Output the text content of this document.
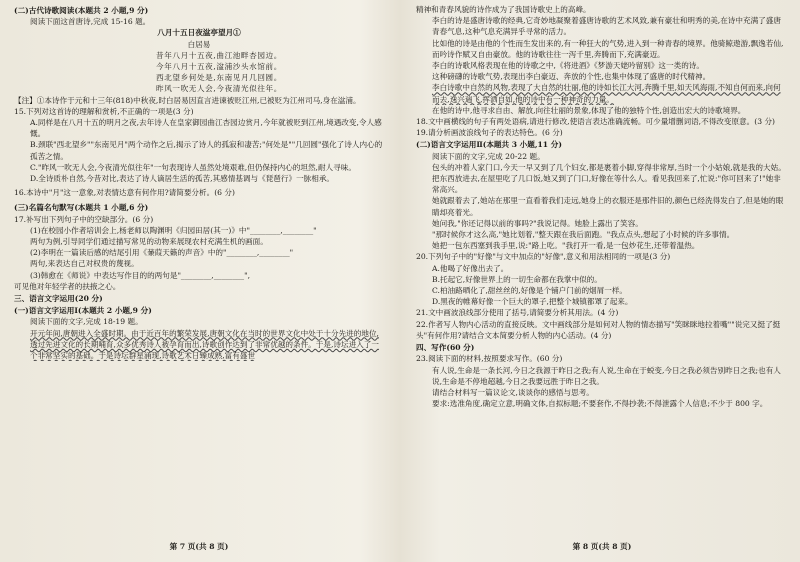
(二)古代诗歌阅读(本题共 2 小题,9 分)
阅读下面这首唐诗,完成 15-16 题。
八月十五日夜湓亭望月①
白居易
昔年八月十五夜,曲江池畔杏园边。
今年八月十五夜,湓浦沙头水馆前。
西北望乡何处是,东南见月几回圆。
昨风一吹无人会,今夜清光似往年。
【注】①本诗作于元和十三年(818)中秋夜,时白居易因直言进谏被贬江州,已被贬为江州司马,身在湓浦。
15.下列对这首诗的理解和赏析,不正确的一项是(3 分)
A.同样是在八月十五的明月之夜,去年诗人在皇家御园曲江杏园边赏月,今年就被贬到江州,境遇改变,令人感慨。
B.颈联"西北望乡""东南见月"两个动作之后,揭示了诗人的孤寂和凄苦;"何处是""几回圆"强化了诗人内心的孤苦之情。
C."昨风一吹无人会,今夜清光似往年"一句表现诗人虽然处境艰难,但仍保持内心的坦然,耐人寻味。
D.全诗质朴自然,今昔对比,表达了诗人谪居生活的孤苦,其感情基调与《琵琶行》一脉相承。
16.本诗中"月"这一意象,对表情达意有何作用?请简要分析。(6 分)
(三)名篇名句默写(本题共 1 小题,6 分)
17.补写出下列句子中的空缺部分。(6 分)
(1)在校园小作者培训会上,杨老师以陶渊明《归园田居(其一)》中"________,________"
两句为例,引导同学们通过描写常见的动物来展现农村充满生机的画面。
(2)李明在一篇读后感的结尾引用《蒹葭天籁的声音》中的"________,________"
两句,来表达自己对权贵的蔑视。
(3)韩愈在《师说》中表达写作目的的两句是"________,________",
可见他对年轻学者的扶掖之心。
三、语言文字运用(20 分)
(一)语言文字运用Ⅰ(本题共 2 小题,9 分)
阅读下面的文字,完成 18-19 题。
开元年间,唐朝进入全盛时期。由于近百年的繁荣发展,唐朝文化在当时的世界文化中处于十分先进的地位,透过先进文化的长期哺育,众多优秀诗人被孕育而出,诗歌创作达到了非常优越的条件。于是,诗坛进入了一个非常坚实的基础。于是诗坛群星涌现,诗歌艺术日臻成熟,富有盛世
第 7 页(共 8 页)
精神和青春风貌的诗作成为了我国诗歌史上的高峰。
李白的诗是盛唐诗歌的经典,它奇妙地凝聚着盛唐诗歌的艺术风致,兼有豪壮和明秀的美,在诗中充满了盛唐青春气息,这种气息充满异乎寻常的活力。
比如他的诗是由他的个性而生发出来的,有一种狂大的气势,进入到一种青春的境界。他骑鲸遨游,飘逸若仙,而吟诗作赋又自由豪放。他的诗歌往往一泻千里,奔腾而下,充满豪迈。
李白的诗歌风格表现在他的诗歌之中,《将进酒》《梦游天姥吟留别》这一类的诗。
这种磅礴的诗歌气势,表现出李白豪迈、奔放的个性,也集中体现了盛唐的时代精神。
李白诗歌中自然的风物,表现了大自然的壮丽,他的诗如长江大河,奔腾千里,如天风海雨,不知自何而来,向何而去,逸兴遄飞,挥洒自如,他的诗中有一种神奇的力量。
在他的诗中,他寻求自由、解放,向往壮丽的景象,体现了他的独特个性,创造出宏大的诗歌境界。
18.文中画横线的句子有两处语病,请进行修改,使语言表达准确流畅。可少量增删词语,不得改变原意。(3 分)
19.请分析画波浪线句子的表达特色。(6 分)
(二)语言文字运用Ⅱ(本题共 3 小题,11 分)
阅读下面的文字,完成 20-22 题。
包头的冲着人家门口,今天一早又到了几个妇女,都是裹着小脚,穿得非常厚,当时一个小姑娘,就是我的大姑。
把东西放进去,在屋里吃了几口饭,她又到了门口,好像在等什么人。看见我回来了,忙说:"你可回来了!"她非常高兴。
她就跟着去了,她站在那里一直看着我们走远,她身上的衣服还是那件旧的,颜色已经洗得发白了,但是她的眼睛却亮着光。
她问我,"你还记得以前的事吗?"我说记得。她脸上露出了笑容。
"那时候你才这么高,"她比划着,"整天跟在我后面跑。"我点点头,想起了小时候的许多事情。
她把一包东西塞到我手里,说:"路上吃。"我打开一看,是一包炒花生,还带着温热。
20.下列句子中的"好像"与文中加点的"好像",意义和用法相同的一项是(3 分)
A.他喝了好像出去了。
B.托起它,好像世界上的一切生命都在我掌中似的。
C.柏油路晒化了,甜丝丝的,好像是个铺户门前的烟屑一样。
D.黑夜的帷幕好像一个巨大的罩子,把整个城镇都罩了起来。
21.文中画波浪线部分使用了括号,请简要分析其用法。(4 分)
22.作者写人物内心活动的直接反映。文中画线部分是如何对人物的情态描写"笑眯眯地拉着嘴""说完又挺了挺头"有何作用?请结合文本简要分析人物的内心活动。(4 分)
四、写作(60 分)
23.阅读下面的材料,按照要求写作。(60 分)
有人说,生命是一条长河,今日之我源于昨日之我;有人说,生命在于蜕变,今日之我必须告别昨日之我;也有人说,生命是不停地超越,今日之我要远胜于昨日之我。
请结合材料写一篇议论文,谈谈你的感悟与思考。
要求:选准角度,确定立意,明确文体,自拟标题;不要套作,不得抄袭;不得泄露个人信息;不少于 800 字。
第 8 页(共 8 页)
